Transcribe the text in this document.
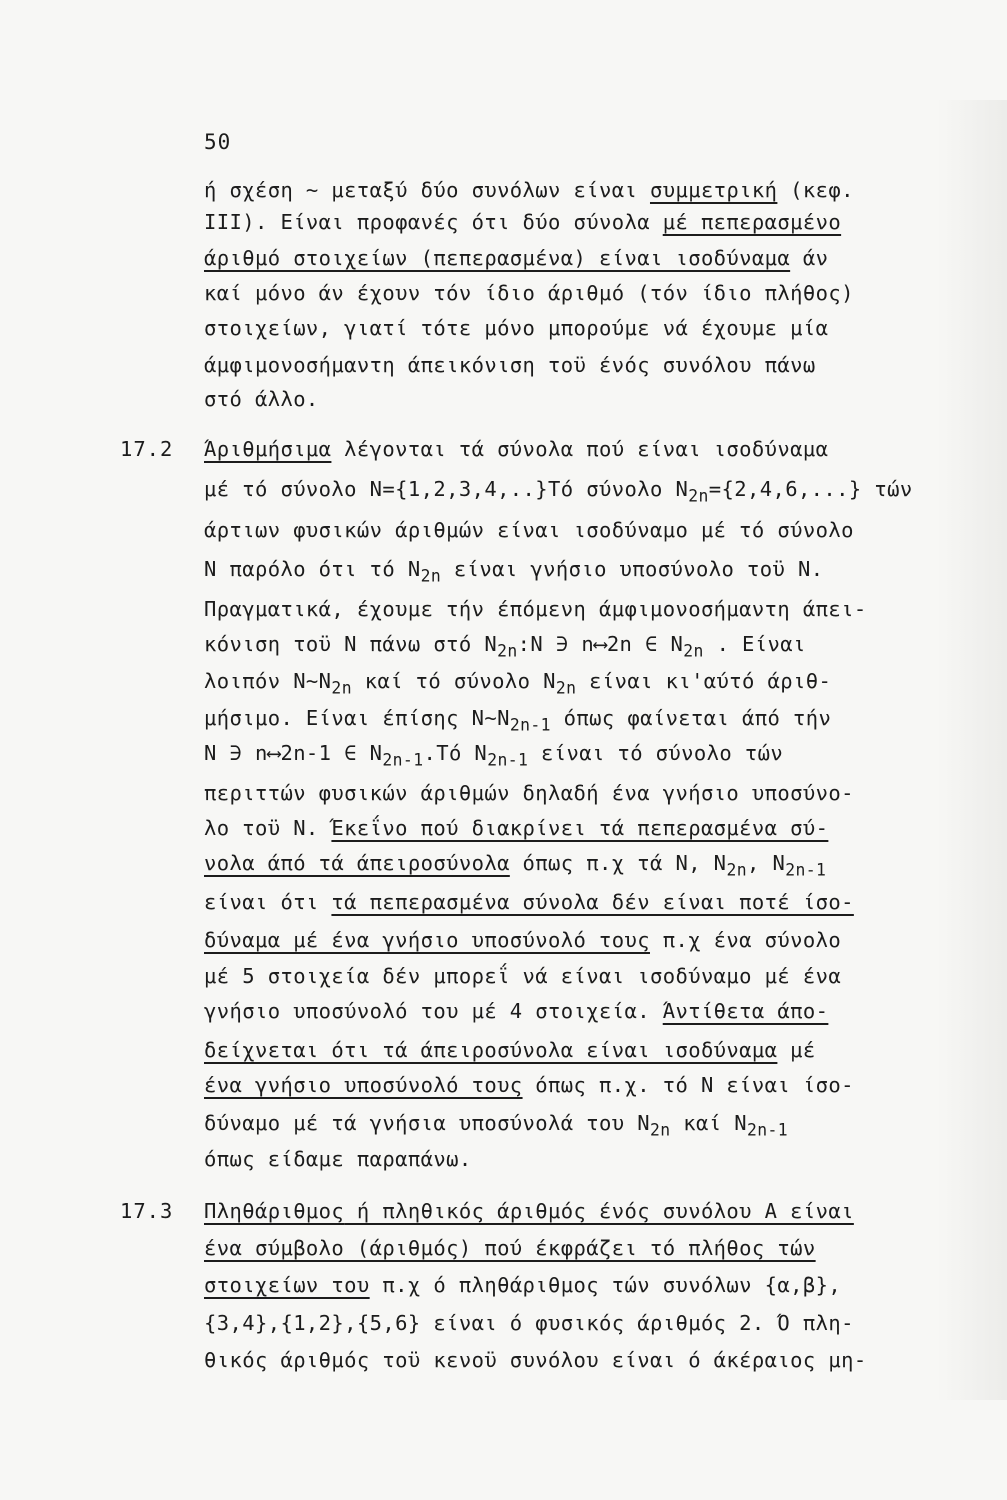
50
ή σχέση ∼ μεταξύ δύο συνόλων είναι συμμετρική (κεφ.
ΙΙΙ). Είναι προφανές ότι δύο σύνολα μέ πεπερασμένο
άριθμό στοιχείων (πεπερασμένα) είναι ισοδύναμα άν
καί μόνο άν έχουν τόν ίδιο άριθμό (τόν ίδιο πλήθος)
στοιχείων, γιατί τότε μόνο μπορούμε νά έχουμε μία
άμφιμονοσήμαντη άπεικόνιση τοϋ ένός συνόλου πάνω
στό άλλο.
17.2 Άριθμήσιμα λέγονται τά σύνολα πού είναι ισοδύναμα
μέ τό σύνολο N={1,2,3,4,..}Τό σύνολο $N_{2n}=\{2,4,6,...\}$ τών
άρτιων φυσικών άριθμών είναι ισοδύναμο μέ τό σύνολο
N παρόλο ότι τό $N_{2n}$ είναι γνήσιο υποσύνολο τοϋ N.
Πραγματικά, έχουμε τήν έπόμενη άμφιμονοσήμαντη άπει-
κόνιση τοϋ N πάνω στό $N_{2n}:N$ ∋ n⟷2n ∈ $N_{2n}$ . Είναι
λοιπόν $N\sim N_{2n}$ καί τό σύνολο $N_{2n}$ είναι κι'αύτό άριθ-
μήσιμο. Είναι έπίσης $N\sim N_{2n-1}$ όπως φαίνεται άπό τήν
N ∋ n⟷2n-1 ∈ $N_{2n-1}.Tό$ $N_{2n-1}$ είναι τό σύνολο τών
περιττών φυσικών άριθμών δηλαδή ένα γνήσιο υποσύνο-
λο τοϋ N. Έκεΐνο πού διακρίνει τά πεπερασμένα σύ-
νολα άπό τά άπειροσύνολα όπως π.χ τά N, $N_{2n}$, $N_{2n-1}$
είναι ότι τά πεπερασμένα σύνολα δέν είναι ποτέ ίσο-
δύναμα μέ ένα γνήσιο υποσύνολό τους π.χ ένα σύνολο
μέ 5 στοιχεία δέν μπορεΐ νά είναι ισοδύναμο μέ ένα
γνήσιο υποσύνολό του μέ 4 στοιχεία. Άντίθετα άπο-
δείχνεται ότι τά άπειροσύνολα είναι ισοδύναμα μέ
ένα γνήσιο υποσύνολό τους όπως π.χ. τό N είναι ίσο-
δύναμο μέ τά γνήσια υποσύνολά του $N_{2n}$ καί $N_{2n-1}$
όπως είδαμε παραπάνω.
17.3 Πληθάριθμος ή πληθικός άριθμός ένός συνόλου A είναι
ένα σύμβολο (άριθμός) πού έκφράζει τό πλήθος τών
στοιχείων του π.χ ό πληθάριθμος τών συνόλων {α,β},
{3,4},{1,2},{5,6} είναι ό φυσικός άριθμός 2. Ό πλη-
θικός άριθμός τοϋ κενοϋ συνόλου είναι ό άκέραιος μη-
